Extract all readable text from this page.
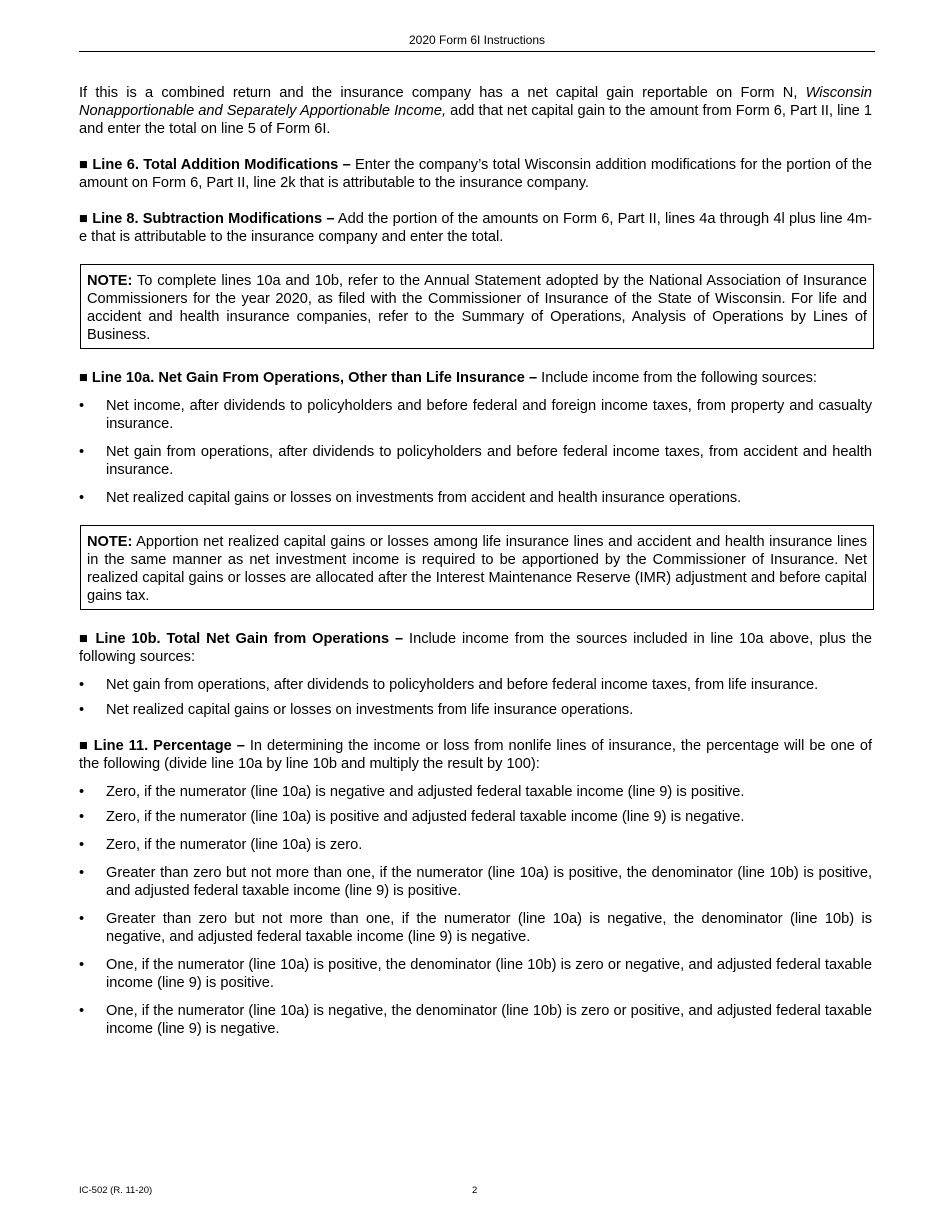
2020 Form 6I Instructions

If this is a combined return and the insurance company has a net capital gain reportable on Form N, Wisconsin Nonapportionable and Separately Apportionable Income, add that net capital gain to the amount from Form 6, Part II, line 1 and enter the total on line 5 of Form 6I.

■ Line 6. Total Addition Modifications – Enter the company’s total Wisconsin addition modifications for the portion of the amount on Form 6, Part II, line 2k that is attributable to the insurance company.

■ Line 8. Subtraction Modifications – Add the portion of the amounts on Form 6, Part II, lines 4a through 4l plus line 4m-e that is attributable to the insurance company and enter the total.

NOTE: To complete lines 10a and 10b, refer to the Annual Statement adopted by the National Association of Insurance Commissioners for the year 2020, as filed with the Commissioner of Insurance of the State of Wisconsin. For life and accident and health insurance companies, refer to the Summary of Operations, Analysis of Operations by Lines of Business.

■ Line 10a. Net Gain From Operations, Other than Life Insurance – Include income from the following sources:

• Net income, after dividends to policyholders and before federal and foreign income taxes, from property and casualty insurance.
• Net gain from operations, after dividends to policyholders and before federal income taxes, from accident and health insurance.
• Net realized capital gains or losses on investments from accident and health insurance operations.

NOTE: Apportion net realized capital gains or losses among life insurance lines and accident and health insurance lines in the same manner as net investment income is required to be apportioned by the Commissioner of Insurance. Net realized capital gains or losses are allocated after the Interest Maintenance Reserve (IMR) adjustment and before capital gains tax.

■ Line 10b. Total Net Gain from Operations – Include income from the sources included in line 10a above, plus the following sources:

• Net gain from operations, after dividends to policyholders and before federal income taxes, from life insurance.
• Net realized capital gains or losses on investments from life insurance operations.

■ Line 11. Percentage – In determining the income or loss from nonlife lines of insurance, the percentage will be one of the following (divide line 10a by line 10b and multiply the result by 100):

• Zero, if the numerator (line 10a) is negative and adjusted federal taxable income (line 9) is positive.
• Zero, if the numerator (line 10a) is positive and adjusted federal taxable income (line 9) is negative.
• Zero, if the numerator (line 10a) is zero.
• Greater than zero but not more than one, if the numerator (line 10a) is positive, the denominator (line 10b) is positive, and adjusted federal taxable income (line 9) is positive.
• Greater than zero but not more than one, if the numerator (line 10a) is negative, the denominator (line 10b) is negative, and adjusted federal taxable income (line 9) is negative.
• One, if the numerator (line 10a) is positive, the denominator (line 10b) is zero or negative, and adjusted federal taxable income (line 9) is positive.
• One, if the numerator (line 10a) is negative, the denominator (line 10b) is zero or positive, and adjusted federal taxable income (line 9) is negative.
IC-502 (R. 11-20)	2
